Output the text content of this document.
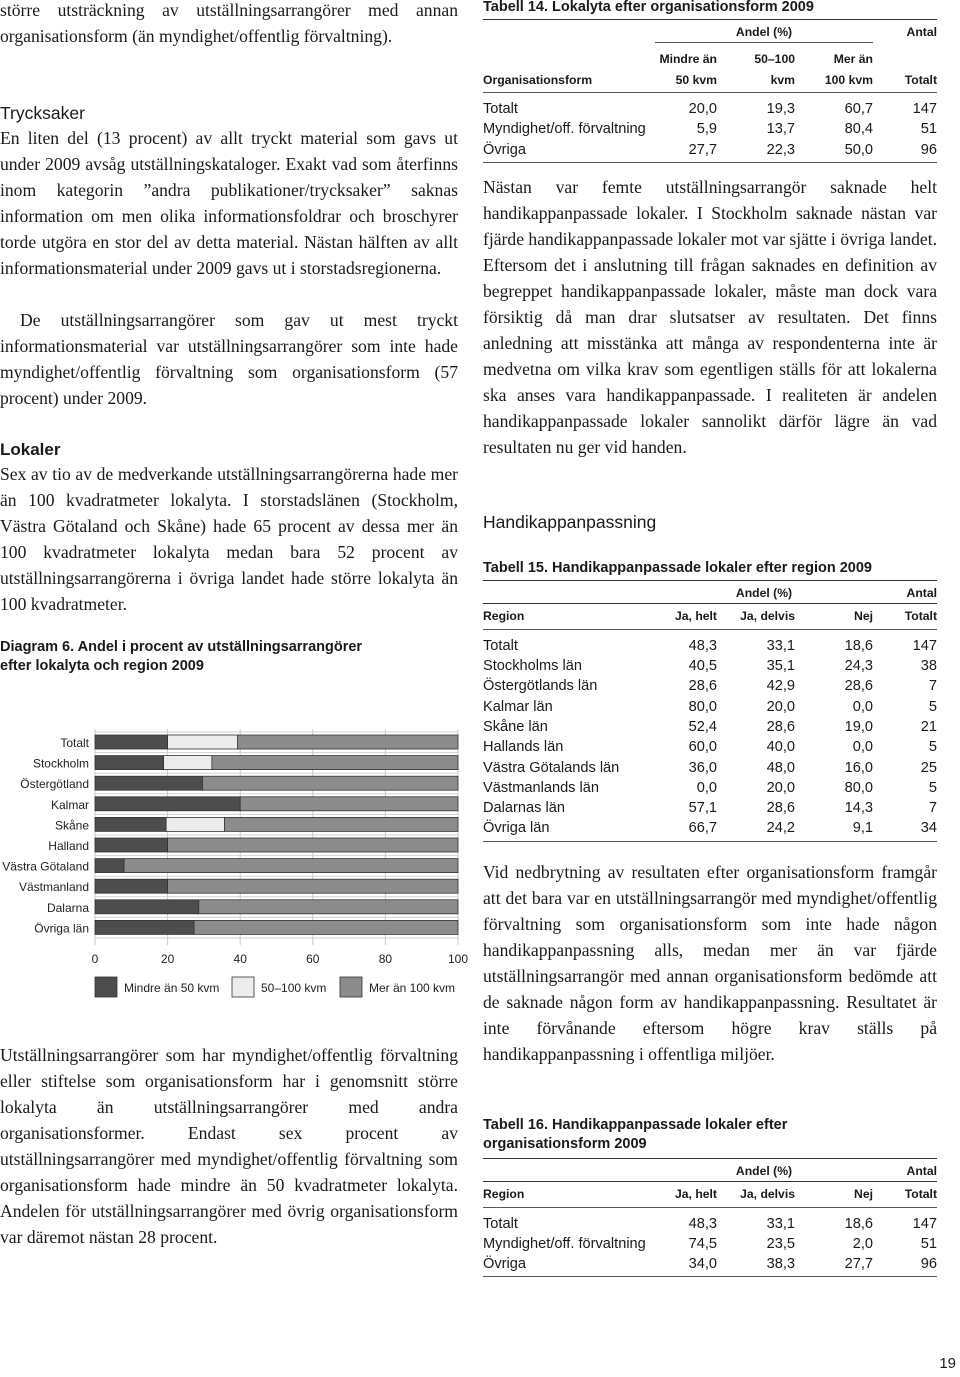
större utsträckning av utställningsarrangörer med annan organisationsform (än myndighet/offentlig förvaltning).

Trycksaker

En liten del (13 procent) av allt tryckt material som gavs ut under 2009 avsåg utställningskataloger. Exakt vad som återfinns inom kategorin ”andra publikationer/trycksaker” saknas information om men olika informationsfoldrar och broschyrer torde utgöra en stor del av detta material. Nästan hälften av allt informationsmaterial under 2009 gavs ut i storstadsregionerna.

De utställningsarrangörer som gav ut mest tryckt informationsmaterial var utställningsarrangörer som inte hade myndighet/offentlig förvaltning som organisationsform (57 procent) under 2009.

Lokaler

Sex av tio av de medverkande utställningsarrangörerna hade mer än 100 kvadratmeter lokalyta. I storstadslänen (Stockholm, Västra Götaland och Skåne) hade 65 procent av dessa mer än 100 kvadratmeter lokalyta medan bara 52 procent av utställningsarrangörerna i övriga landet hade större lokalyta än 100 kvadratmeter.

Diagram 6. Andel i procent av utställningsarrangörer
efter lokalyta och region 2009

Utställningsarrangörer som har myndighet/offentlig förvaltning eller stiftelse som organisationsform har i genomsnitt större lokalyta än utställningsarrangörer med andra organisationsformer. Endast sex procent av utställningsarrangörer med myndighet/offentlig förvaltning som organisationsform hade mindre än 50 kvadratmeter lokalyta. Andelen för utställningsarrangörer med övrig organisationsform var däremot nästan 28 procent.

Totalt
Stockholm
Östergötland
Kalmar
Skåne
Halland
Västra Götaland
Västmanland
Dalarna
Övriga län
0	20	40	60	80	100
Mindre än 50 kvm	50–100 kvm	Mer än 100 kvm

Tabell 14. Lokalyta efter organisationsform 2009

	Andel (%)			Antal
	Mindre än	50–100	Mer än	
Organisationsform	50 kvm	kvm	100 kvm	Totalt
Totalt	20,0	19,3	60,7	147
Myndighet/off. förvaltning	5,9	13,7	80,4	51
Övriga	27,7	22,3	50,0	96

Nästan var femte utställningsarrangör saknade helt handikappanpassade lokaler. I Stockholm saknade nästan var fjärde handikappanpassade lokaler mot var sjätte i övriga landet. Eftersom det i anslutning till frågan saknades en definition av begreppet handikappanpassade lokaler, måste man dock vara försiktig då man drar slutsatser av resultaten. Det finns anledning att misstänka att många av respondenterna inte är medvetna om vilka krav som egentligen ställs för att lokalerna ska anses vara handikappanpassade. I realiteten är andelen handikappanpassade lokaler sannolikt därför lägre än vad resultaten nu ger vid handen.

Handikappanpassning

Tabell 15. Handikappanpassade lokaler efter region 2009

	Andel (%)			Antal
Region	Ja, helt	Ja, delvis	Nej	Totalt
Totalt	48,3	33,1	18,6	147
Stockholms län	40,5	35,1	24,3	38
Östergötlands län	28,6	42,9	28,6	7
Kalmar län	80,0	20,0	0,0	5
Skåne län	52,4	28,6	19,0	21
Hallands län	60,0	40,0	0,0	5
Västra Götalands län	36,0	48,0	16,0	25
Västmanlands län	0,0	20,0	80,0	5
Dalarnas län	57,1	28,6	14,3	7
Övriga län	66,7	24,2	9,1	34

Vid nedbrytning av resultaten efter organisationsform framgår att det bara var en utställningsarrangör med myndighet/offentlig förvaltning som organisationsform som inte hade någon handikappanpassning alls, medan mer än var fjärde utställningsarrangör med annan organisationsform bedömde att de saknade någon form av handikappanpassning. Resultatet är inte förvånande eftersom högre krav ställs på handikappanpassning i offentliga miljöer.

Tabell 16. Handikappanpassade lokaler efter
organisationsform 2009

	Andel (%)			Antal
Region	Ja, helt	Ja, delvis	Nej	Totalt
Totalt	48,3	33,1	18,6	147
Myndighet/off. förvaltning	74,5	23,5	2,0	51
Övriga	34,0	38,3	27,7	96
19
